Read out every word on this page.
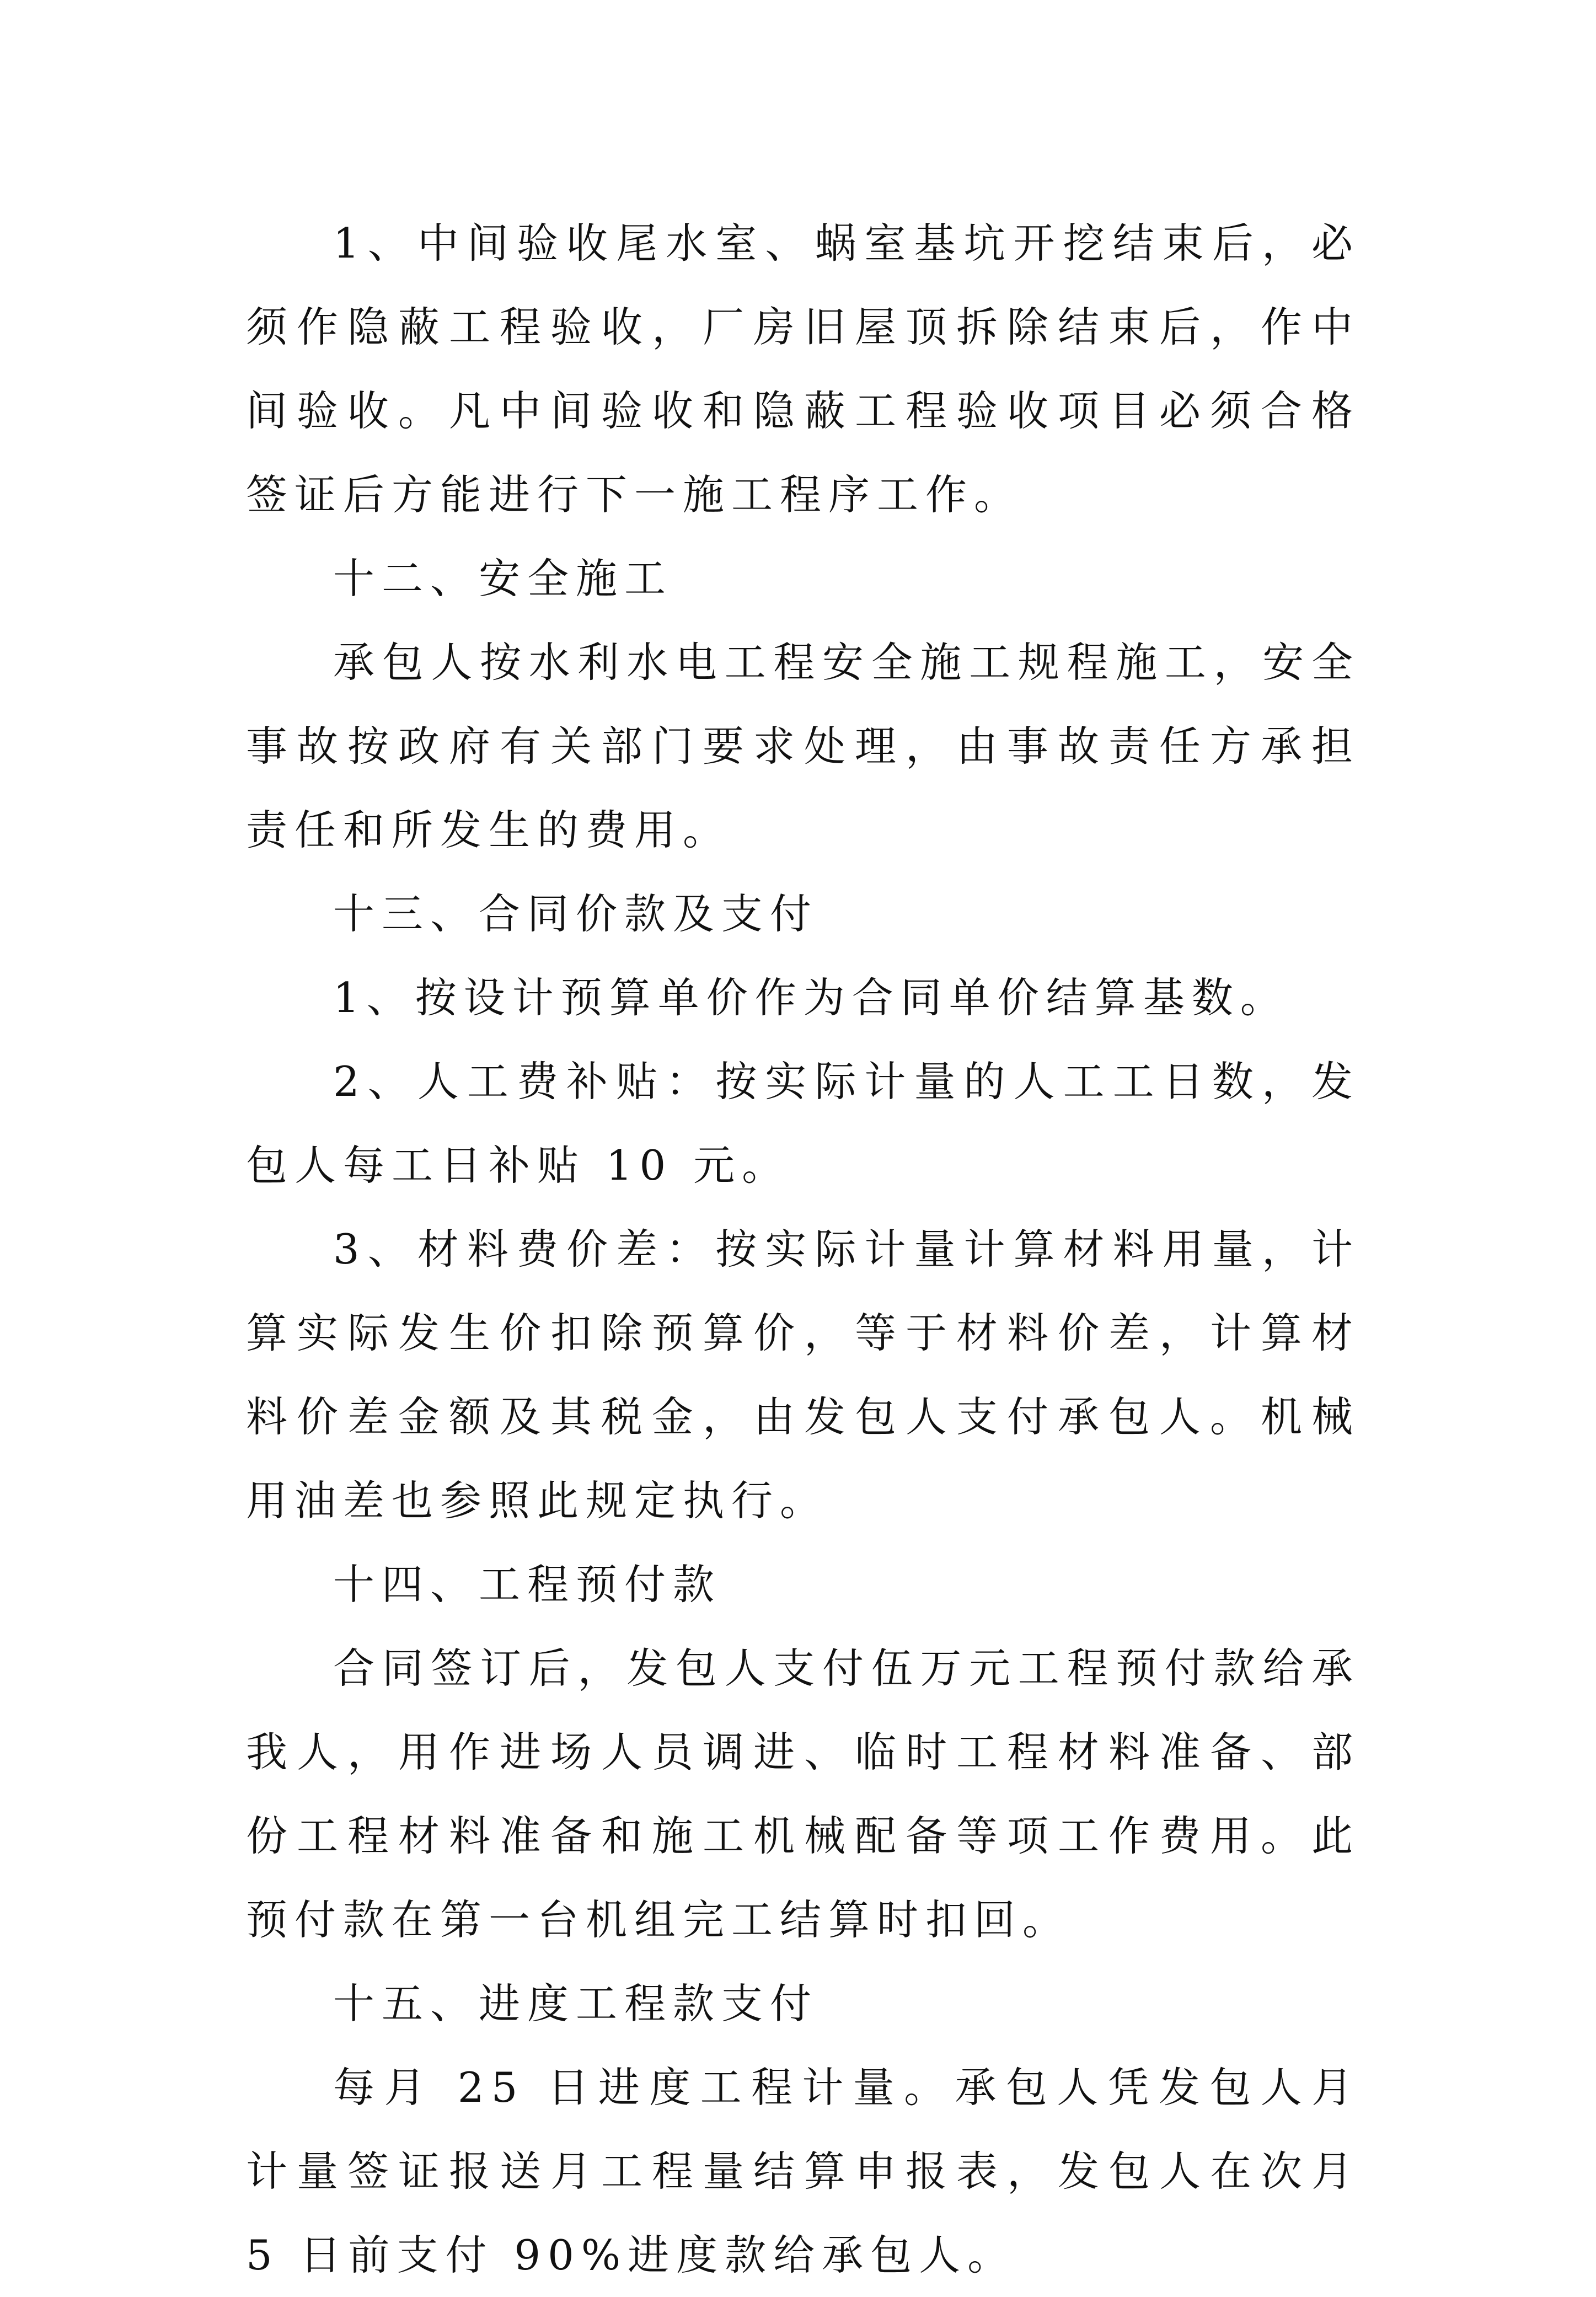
1、中间验收尾水室、蜗室基坑开挖结束后，必须作隐蔽工程验收，厂房旧屋顶拆除结束后，作中间验收。凡中间验收和隐蔽工程验收项目必须合格签证后方能进行下一施工程序工作。

十二、安全施工

承包人按水利水电工程安全施工规程施工，安全事故按政府有关部门要求处理，由事故责任方承担责任和所发生的费用。

十三、合同价款及支付

1、按设计预算单价作为合同单价结算基数。

2、人工费补贴：按实际计量的人工工日数，发包人每工日补贴 10 元。

3、材料费价差：按实际计量计算材料用量，计算实际发生价扣除预算价，等于材料价差，计算材料价差金额及其税金，由发包人支付承包人。机械用油差也参照此规定执行。

十四、工程预付款

合同签订后，发包人支付伍万元工程预付款给承我人，用作进场人员调进、临时工程材料准备、部份工程材料准备和施工机械配备等项工作费用。此预付款在第一台机组完工结算时扣回。

十五、进度工程款支付

每月 25 日进度工程计量。承包人凭发包人月计量签证报送月工程量结算申报表，发包人在次月 5 日前支付 90%进度款给承包人。
